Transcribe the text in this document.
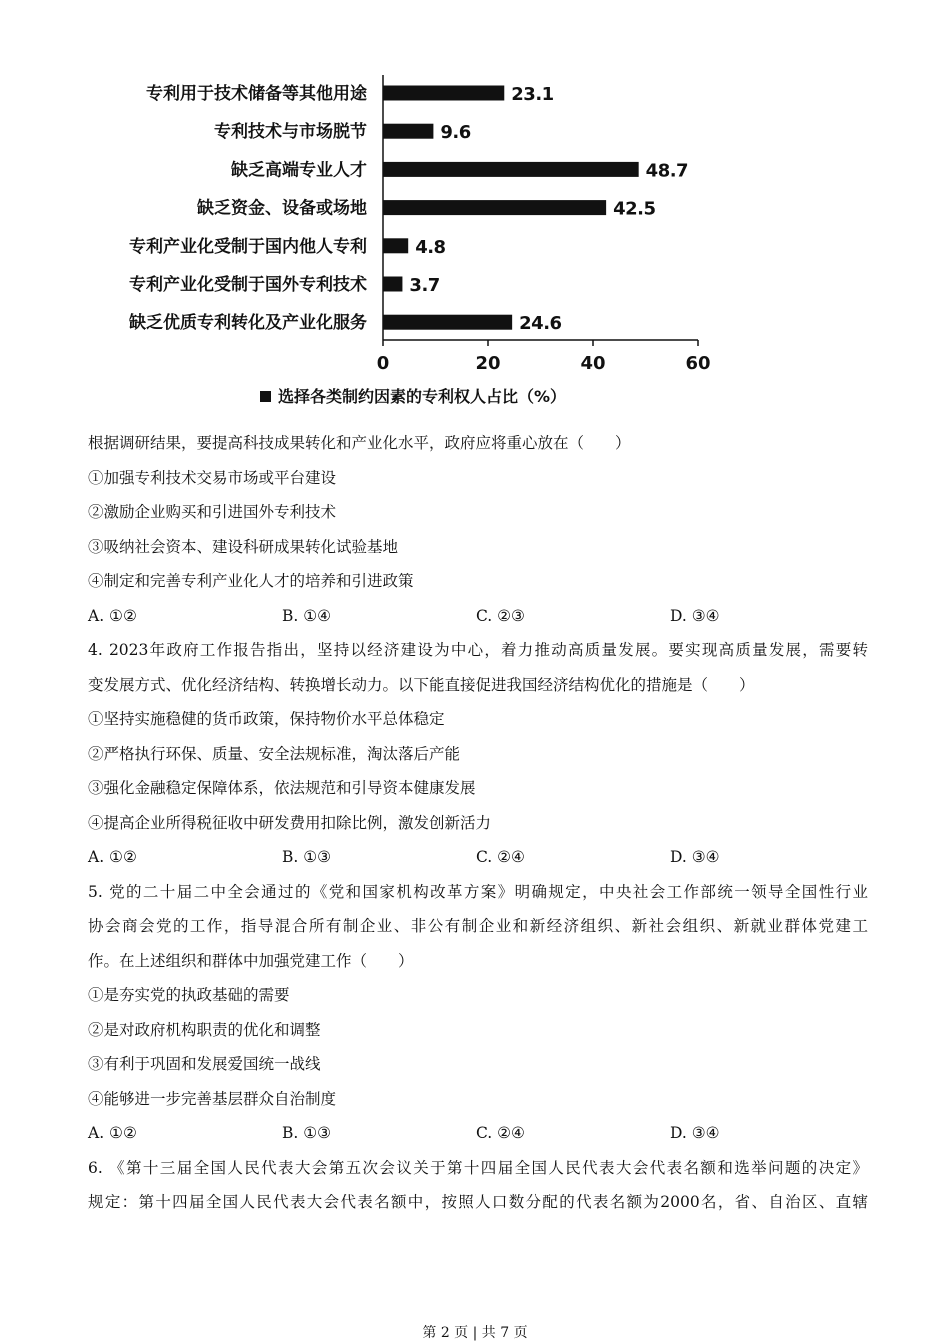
专利用于技术储备等其他用途	23.1
专利技术与市场脱节	9.6
缺乏高端专业人才	48.7
缺乏资金、设备或场地	42.5
专利产业化受制于国内他人专利	4.8
专利产业化受制于国外专利技术 3.7
缺乏优质专利转化及产业化服务	24.6
0	20	40	60
选择各类制约因素的专利权人占比（%）
根据调研结果，要提高科技成果转化和产业化水平，政府应将重心放在（　　）
①加强专利技术交易市场或平台建设
②激励企业购买和引进国外专利技术
③吸纳社会资本、建设科研成果转化试验基地
④制定和完善专利产业化人才的培养和引进政策
A. ①②	B. ①④	C. ②③	D. ③④
4. 2023年政府工作报告指出，坚持以经济建设为中心，着力推动高质量发展。要实现高质量发展，需要转
变发展方式、优化经济结构、转换增长动力。以下能直接促进我国经济结构优化的措施是（　　）
①坚持实施稳健的货币政策，保持物价水平总体稳定
②严格执行环保、质量、安全法规标准，淘汰落后产能
③强化金融稳定保障体系，依法规范和引导资本健康发展
④提高企业所得税征收中研发费用扣除比例，激发创新活力
A. ①②	B. ①③	C. ②④	D. ③④
5. 党的二十届二中全会通过的《党和国家机构改革方案》明确规定，中央社会工作部统一领导全国性行业
协会商会党的工作，指导混合所有制企业、非公有制企业和新经济组织、新社会组织、新就业群体党建工
作。在上述组织和群体中加强党建工作（　　）
①是夯实党的执政基础的需要
②是对政府机构职责的优化和调整
③有利于巩固和发展爱国统一战线
④能够进一步完善基层群众自治制度
A. ①②	B. ①③	C. ②④	D. ③④
6. 《第十三届全国人民代表大会第五次会议关于第十四届全国人民代表大会代表名额和选举问题的决定》
规定：第十四届全国人民代表大会代表名额中，按照人口数分配的代表名额为2000名，省、自治区、直辖
第 2 页 | 共 7 页
